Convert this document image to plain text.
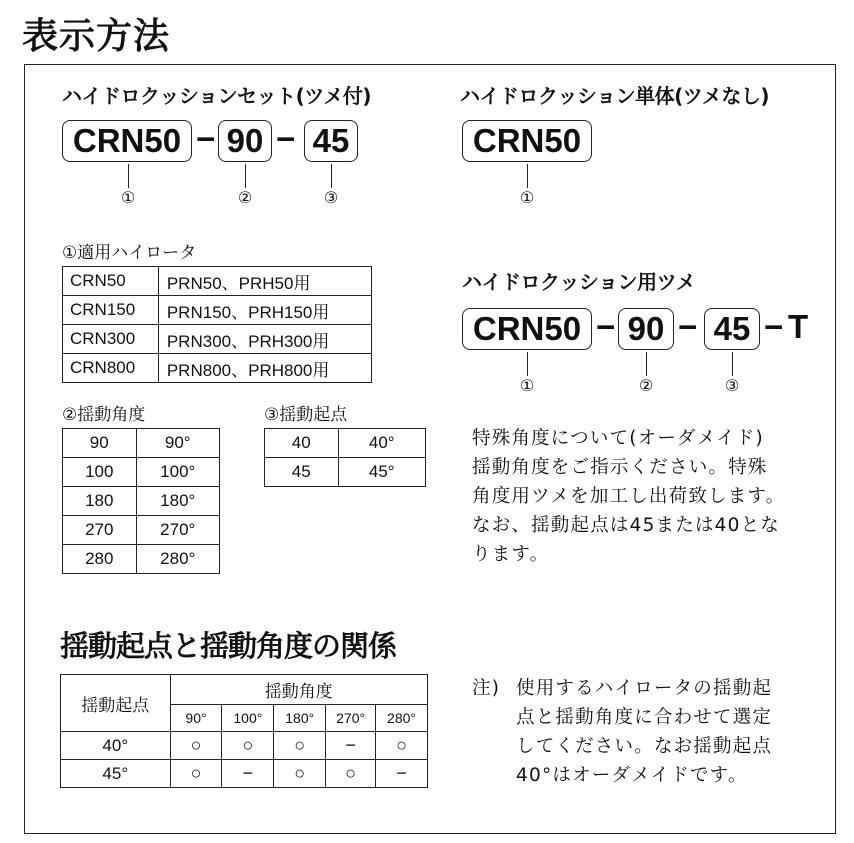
表示方法
ハイドロクッションセット(ツメ付)
CRN50 − 90 − 45
①	②	③
ハイドロクッション単体(ツメなし)
CRN50
①
①適用ハイロータ
CRN50	PRN50、PRH50用
CRN150	PRN150、PRH150用
CRN300	PRN300、PRH300用
CRN800	PRN800、PRH800用
②揺動角度
90	90°
100	100°
180	180°
270	270°
280	280°
③揺動起点
40	40°
45	45°
ハイドロクッション用ツメ
CRN50 − 90 − 45 − T
①	②	③
特殊角度について(オーダメイド)
揺動角度をご指示ください。特殊
角度用ツメを加工し出荷致します。
なお、揺動起点は45または40とな
ります。
揺動起点と揺動角度の関係
揺動起点	揺動角度				
	90°	100°	180°	270°	280°
40°	○	○	○	−	○
45°	○	−	○	○	−
注) 使用するハイロータの揺動起
点と揺動角度に合わせて選定
してください。なお揺動起点
40°はオーダメイドです。
